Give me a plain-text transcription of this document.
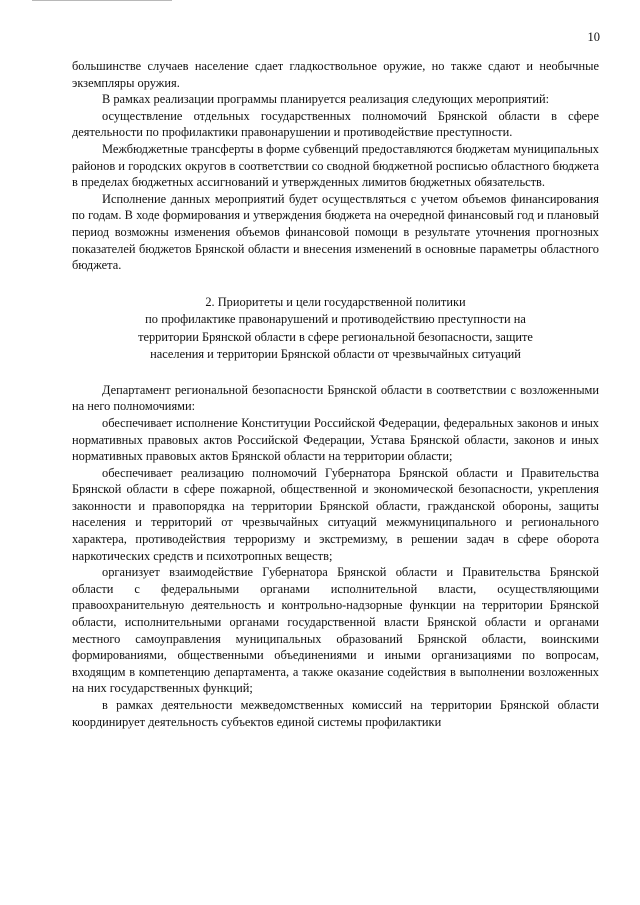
10

большинстве случаев население сдает гладкоствольное оружие, но также сдают и необычные экземпляры оружия.

В рамках реализации программы планируется реализация следующих мероприятий:

осуществление отдельных государственных полномочий Брянской области в сфере деятельности по профилактики правонарушении и противодействие преступности.

Межбюджетные трансферты в форме субвенций предоставляются бюджетам муниципальных районов и городских округов в соответствии со сводной бюджетной росписью областного бюджета в пределах бюджетных ассигнований и утвержденных лимитов бюджетных обязательств.

Исполнение данных мероприятий будет осуществляться с учетом объемов финансирования по годам. В ходе формирования и утверждения бюджета на очередной финансовый год и плановый период возможны изменения объемов финансовой помощи в результате уточнения прогнозных показателей бюджетов Брянской области и внесения изменений в основные параметры областного бюджета.

2. Приоритеты и цели государственной политики
по профилактике правонарушений и противодействию преступности на
территории Брянской области в сфере региональной безопасности, защите
населения и территории Брянской области от чрезвычайных ситуаций

Департамент региональной безопасности Брянской области в соответствии с возложенными на него полномочиями:

обеспечивает исполнение Конституции Российской Федерации, федеральных законов и иных нормативных правовых актов Российской Федерации, Устава Брянской области, законов и иных нормативных правовых актов Брянской области на территории области;

обеспечивает реализацию полномочий Губернатора Брянской области и Правительства Брянской области в сфере пожарной, общественной и экономической безопасности, укрепления законности и правопорядка на территории Брянской области, гражданской обороны, защиты населения и территорий от чрезвычайных ситуаций межмуниципального и регионального характера, противодействия терроризму и экстремизму, в решении задач в сфере оборота наркотических средств и психотропных веществ;

организует взаимодействие Губернатора Брянской области и Правительства Брянской области с федеральными органами исполнительной власти, осуществляющими правоохранительную деятельность и контрольно-надзорные функции на территории Брянской области, исполнительными органами государственной власти Брянской области и органами местного самоуправления муниципальных образований Брянской области, воинскими формированиями, общественными объединениями и иными организациями по вопросам, входящим в компетенцию департамента, а также оказание содействия в выполнении возложенных на них государственных функций;

в рамках деятельности межведомственных комиссий на территории Брянской области координирует деятельность субъектов единой системы профилактики
